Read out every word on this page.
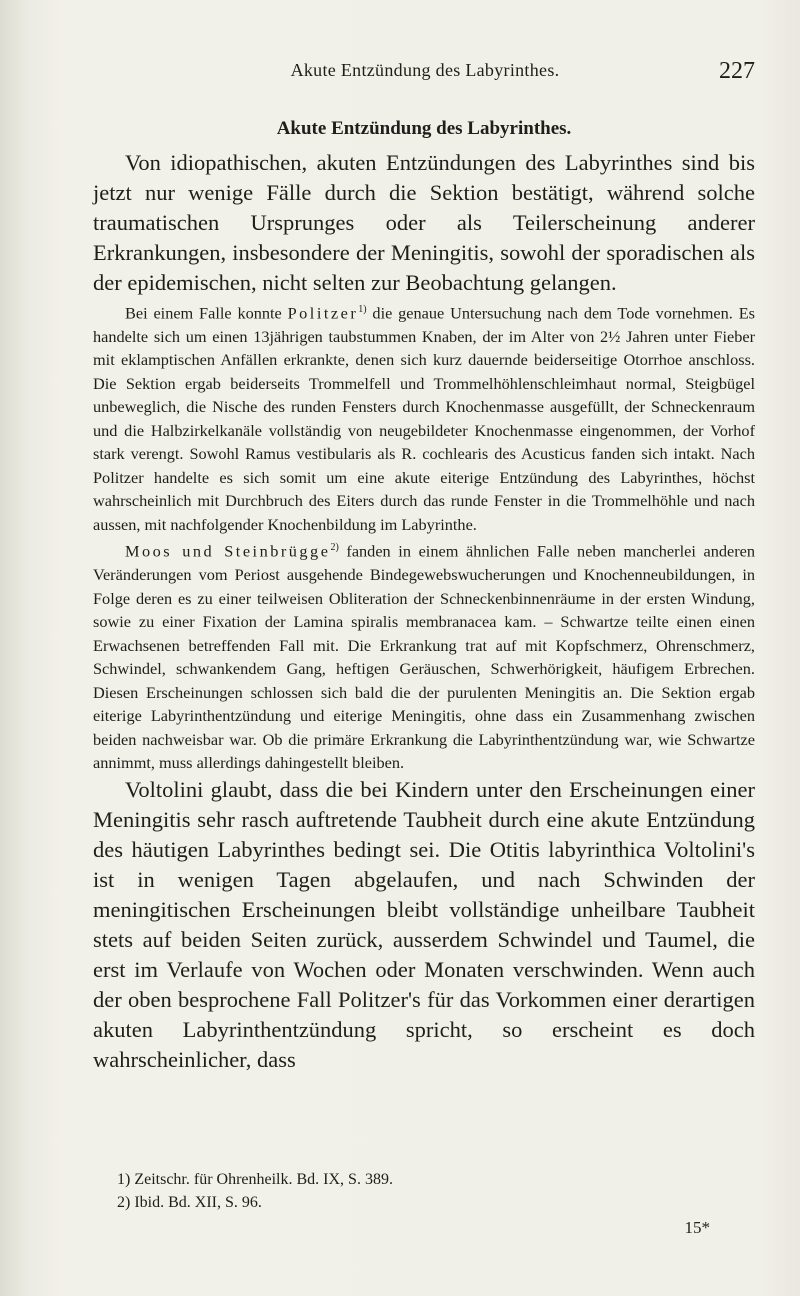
Akute Entzündung des Labyrinthes.	227
Akute Entzündung des Labyrinthes.

Von idiopathischen, akuten Entzündungen des Labyrinthes sind bis jetzt nur wenige Fälle durch die Sektion bestätigt, während solche traumatischen Ursprunges oder als Teilerscheinung anderer Erkrankungen, insbesondere der Meningitis, sowohl der sporadischen als der epidemischen, nicht selten zur Beobachtung gelangen.

Bei einem Falle konnte Politzer$^{1)}$ die genaue Untersuchung nach dem Tode vornehmen. Es handelte sich um einen 13jährigen taubstummen Knaben, der im Alter von 2½ Jahren unter Fieber mit eklamptischen Anfällen erkrankte, denen sich kurz dauernde beiderseitige Otorrhoe anschloss. Die Sektion ergab beiderseits Trommelfell und Trommelhöhlenschleimhaut normal, Steigbügel unbeweglich, die Nische des runden Fensters durch Knochenmasse ausgefüllt, der Schneckenraum und die Halbzirkelkanäle vollständig von neugebildeter Knochenmasse eingenommen, der Vorhof stark verengt. Sowohl Ramus vestibularis als R. cochlearis des Acusticus fanden sich intakt. Nach Politzer handelte es sich somit um eine akute eiterige Entzündung des Labyrinthes, höchst wahrscheinlich mit Durchbruch des Eiters durch das runde Fenster in die Trommelhöhle und nach aussen, mit nachfolgender Knochenbildung im Labyrinthe.

Moos und Steinbrügge$^{2)}$ fanden in einem ähnlichen Falle neben mancherlei anderen Veränderungen vom Periost ausgehende Bindegewebswucherungen und Knochenneubildungen, in Folge deren es zu einer teilweisen Obliteration der Schneckenbinnenräume in der ersten Windung, sowie zu einer Fixation der Lamina spiralis membranacea kam. – Schwartze teilte einen einen Erwachsenen betreffenden Fall mit. Die Erkrankung trat auf mit Kopfschmerz, Ohrenschmerz, Schwindel, schwankendem Gang, heftigen Geräuschen, Schwerhörigkeit, häufigem Erbrechen. Diesen Erscheinungen schlossen sich bald die der purulenten Meningitis an. Die Sektion ergab eiterige Labyrinthentzündung und eiterige Meningitis, ohne dass ein Zusammenhang zwischen beiden nachweisbar war. Ob die primäre Erkrankung die Labyrinthentzündung war, wie Schwartze annimmt, muss allerdings dahingestellt bleiben.

Voltolini glaubt, dass die bei Kindern unter den Erscheinungen einer Meningitis sehr rasch auftretende Taubheit durch eine akute Entzündung des häutigen Labyrinthes bedingt sei. Die Otitis labyrinthica Voltolini's ist in wenigen Tagen abgelaufen, und nach Schwinden der meningitischen Erscheinungen bleibt vollständige unheilbare Taubheit stets auf beiden Seiten zurück, ausserdem Schwindel und Taumel, die erst im Verlaufe von Wochen oder Monaten verschwinden. Wenn auch der oben besprochene Fall Politzer's für das Vorkommen einer derartigen akuten Labyrinthentzündung spricht, so erscheint es doch wahrscheinlicher, dass

1) Zeitschr. für Ohrenheilk. Bd. IX, S. 389.

2) Ibid. Bd. XII, S. 96.

15*
